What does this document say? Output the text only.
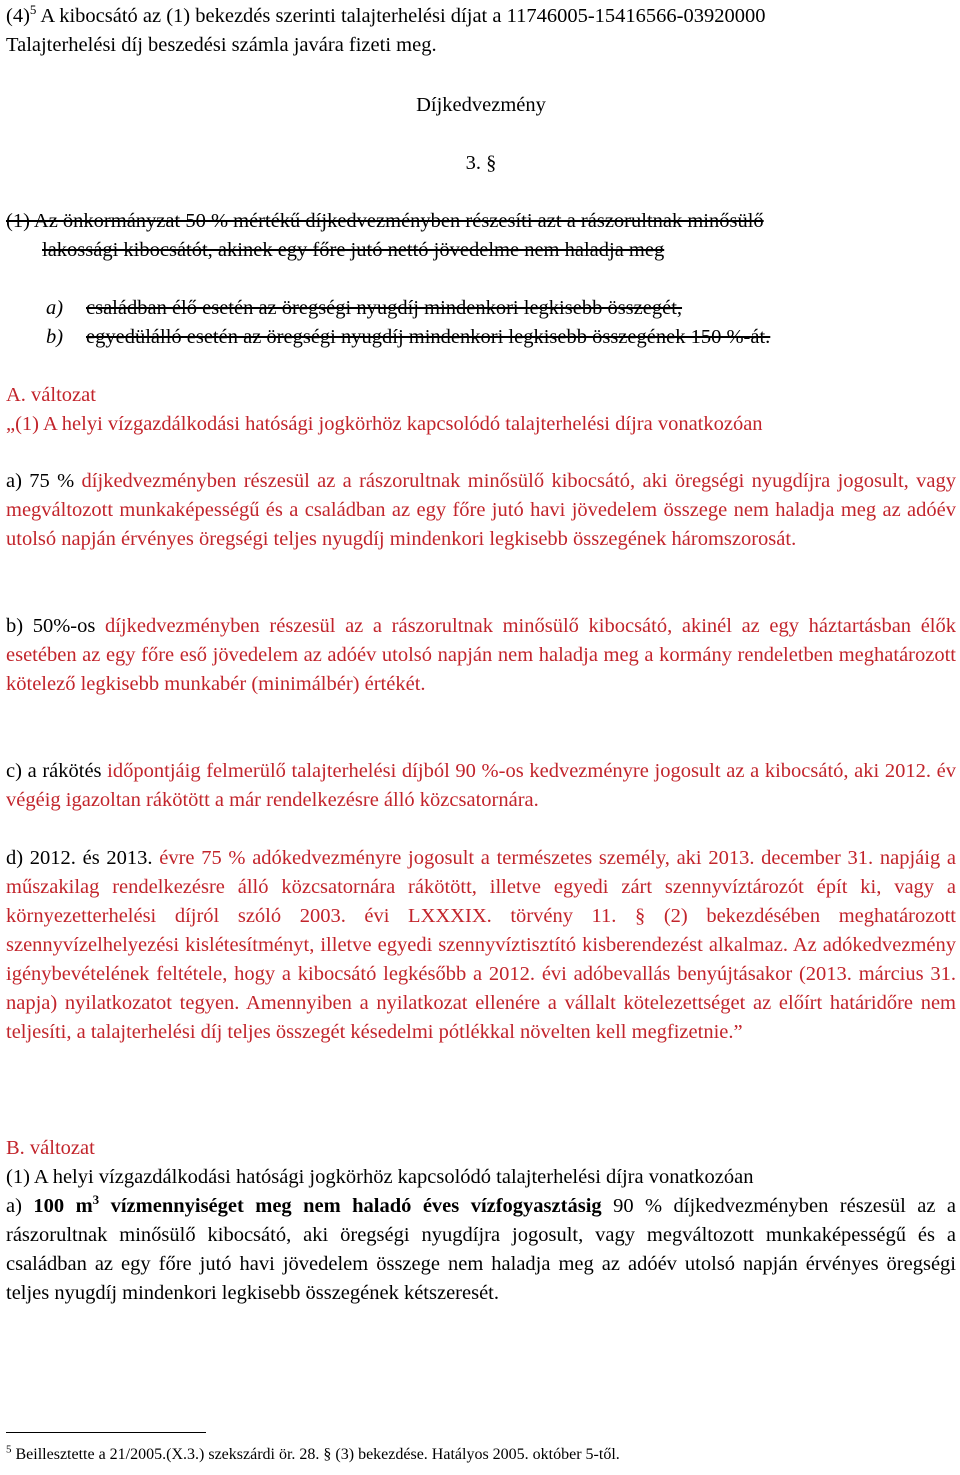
$(4)^5$ A kibocsátó az (1) bekezdés szerinti talajterhelési díjat a 11746005-15416566-03920000
Talajterhelési díj beszedési számla javára fizeti meg.

Díjkedvezmény

3. §

(1) Az önkormányzat 50 % mértékű díjkedvezményben részesíti azt a rászorultnak minősülő
lakossági kibocsátót, akinek egy főre jutó nettó jövedelme nem haladja meg

a) családban élő esetén az öregségi nyugdíj mindenkori legkisebb összegét,
b) egyedülálló esetén az öregségi nyugdíj mindenkori legkisebb összegének 150 %-át.

A. változat

„(1) A helyi vízgazdálkodási hatósági jogkörhöz kapcsolódó talajterhelési díjra vonatkozóan

a) 75 % díjkedvezményben részesül az a rászorultnak minősülő kibocsátó, aki öregségi nyugdíjra jogosult, vagy megváltozott munkaképességű és a családban az egy főre jutó havi jövedelem összege nem haladja meg az adóév utolsó napján érvényes öregségi teljes nyugdíj mindenkori legkisebb összegének háromszorosát.

b) 50%-os díjkedvezményben részesül az a rászorultnak minősülő kibocsátó, akinél az egy háztartásban élők esetében az egy főre eső jövedelem az adóév utolsó napján nem haladja meg a kormány rendeletben meghatározott kötelező legkisebb munkabér (minimálbér) értékét.

c) a rákötés időpontjáig felmerülő talajterhelési díjból 90 %-os kedvezményre jogosult az a kibocsátó, aki 2012. év végéig igazoltan rákötött a már rendelkezésre álló közcsatornára.

d) 2012. és 2013. évre 75 % adókedvezményre jogosult a természetes személy, aki 2013. december 31. napjáig a műszakilag rendelkezésre álló közcsatornára rákötött, illetve egyedi zárt szennyvíztározót épít ki, vagy a környezetterhelési díjról szóló 2003. évi LXXXIX. törvény 11. § (2) bekezdésében meghatározott szennyvízelhelyezési kislétesítményt, illetve egyedi szennyvíztisztító kisberendezést alkalmaz. Az adókedvezmény igénybevételének feltétele, hogy a kibocsátó legkésőbb a 2012. évi adóbevallás benyújtásakor (2013. március 31. napja) nyilatkozatot tegyen. Amennyiben a nyilatkozat ellenére a vállalt kötelezettséget az előírt határidőre nem teljesíti, a talajterhelési díj teljes összegét késedelmi pótlékkal növelten kell megfizetnie.”

B. változat

(1) A helyi vízgazdálkodási hatósági jogkörhöz kapcsolódó talajterhelési díjra vonatkozóan

a) 100 $m^3$ vízmennyiséget meg nem haladó éves vízfogyasztásig 90 % díjkedvezményben részesül az a rászorultnak minősülő kibocsátó, aki öregségi nyugdíjra jogosult, vagy megváltozott munkaképességű és a családban az egy főre jutó havi jövedelem összege nem haladja meg az adóév utolsó napján érvényes öregségi teljes nyugdíj mindenkori legkisebb összegének kétszeresét.

$^5$ Beillesztette a 21/2005.(X.3.) szekszárdi ör. 28. § (3) bekezdése. Hatályos 2005. október 5-től.
